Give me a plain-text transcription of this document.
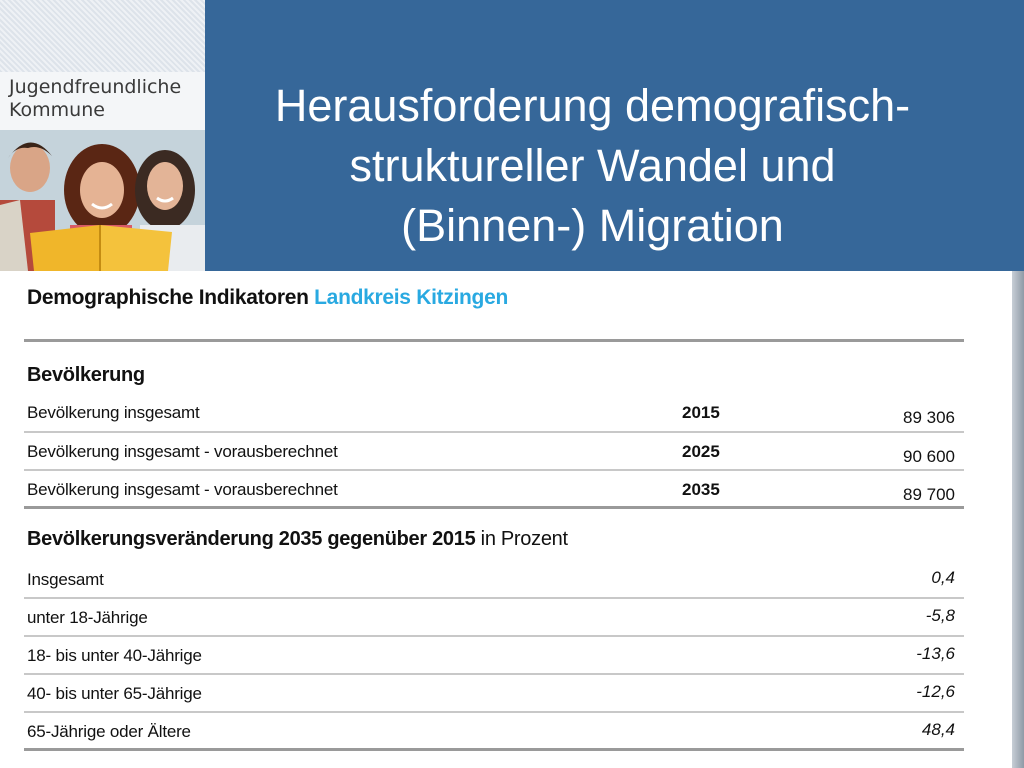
Jugendfreundliche
Kommune	Herausforderung demografisch-
struktureller Wandel und
(Binnen-) Migration
Demographische Indikatoren Landkreis Kitzingen
Bevölkerung
Bevölkerung insgesamt	2015	89 306
Bevölkerung insgesamt - vorausberechnet	2025	90 600
Bevölkerung insgesamt - vorausberechnet	2035	89 700
Bevölkerungsveränderung 2035 gegenüber 2015 in Prozent
Insgesamt	0,4
unter 18-Jährige	-5,8
18- bis unter 40-Jährige	-13,6
40- bis unter 65-Jährige	-12,6
65-Jährige oder Ältere	48,4
